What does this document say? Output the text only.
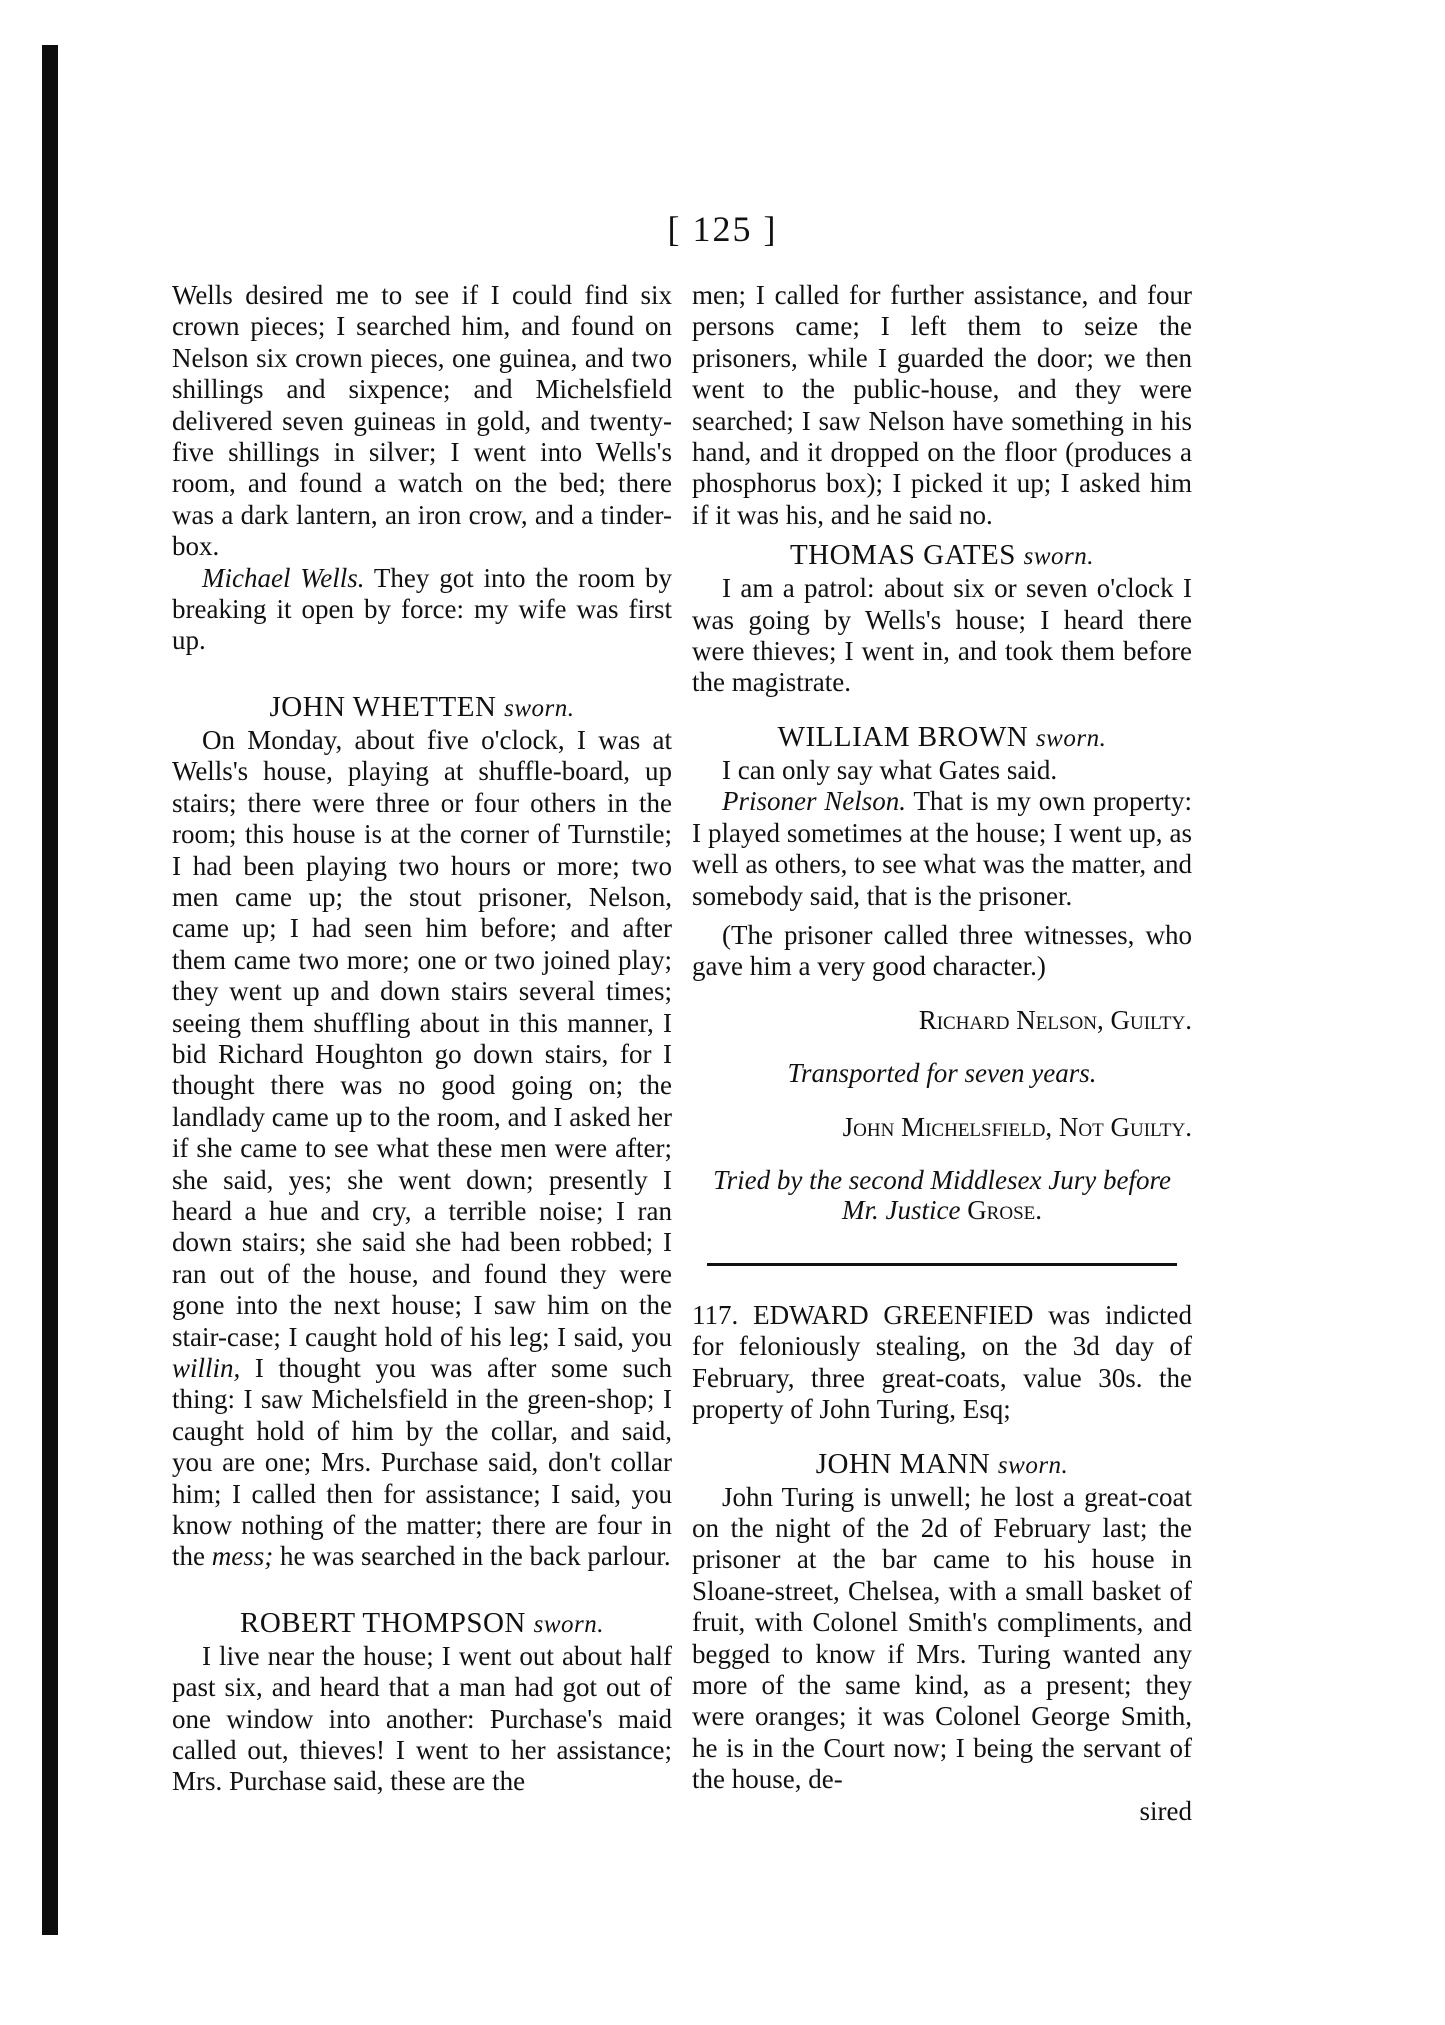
[ 125 ]

Wells desired me to see if I could find six crown pieces; I searched him, and found on Nelson six crown pieces, one guinea, and two shillings and sixpence; and Michelsfield delivered seven guineas in gold, and twenty-five shillings in silver; I went into Wells's room, and found a watch on the bed; there was a dark lantern, an iron crow, and a tinder-box.

Michael Wells. They got into the room by breaking it open by force: my wife was first up.

JOHN WHETTEN sworn.

On Monday, about five o'clock, I was at Wells's house, playing at shuffle-board, up stairs; there were three or four others in the room; this house is at the corner of Turnstile; I had been playing two hours or more; two men came up; the stout prisoner, Nelson, came up; I had seen him before; and after them came two more; one or two joined play; they went up and down stairs several times; seeing them shuffling about in this manner, I bid Richard Houghton go down stairs, for I thought there was no good going on; the landlady came up to the room, and I asked her if she came to see what these men were after; she said, yes; she went down; presently I heard a hue and cry, a terrible noise; I ran down stairs; she said she had been robbed; I ran out of the house, and found they were gone into the next house; I saw him on the stair-case; I caught hold of his leg; I said, you willin, I thought you was after some such thing: I saw Michelsfield in the green-shop; I caught hold of him by the collar, and said, you are one; Mrs. Purchase said, don't collar him; I called then for assistance; I said, you know nothing of the matter; there are four in the mess; he was searched in the back parlour.

ROBERT THOMPSON sworn.

I live near the house; I went out about half past six, and heard that a man had got out of one window into another: Purchase's maid called out, thieves! I went to her assistance; Mrs. Purchase said, these are the

men; I called for further assistance, and four persons came; I left them to seize the prisoners, while I guarded the door; we then went to the public-house, and they were searched; I saw Nelson have something in his hand, and it dropped on the floor (produces a phosphorus box); I picked it up; I asked him if it was his, and he said no.

THOMAS GATES sworn.

I am a patrol: about six or seven o'clock I was going by Wells's house; I heard there were thieves; I went in, and took them before the magistrate.

WILLIAM BROWN sworn.

I can only say what Gates said.

Prisoner Nelson. That is my own property: I played sometimes at the house; I went up, as well as others, to see what was the matter, and somebody said, that is the prisoner.

(The prisoner called three witnesses, who gave him a very good character.)

Richard Nelson, Guilty.

Transported for seven years.

John Michelsfield, Not Guilty.

Tried by the second Middlesex Jury before

Mr. Justice Grose.

117. EDWARD GREENFIED was indicted for feloniously stealing, on the 3d day of February, three great-coats, value 30s. the property of John Turing, Esq;

JOHN MANN sworn.

John Turing is unwell; he lost a great-coat on the night of the 2d of February last; the prisoner at the bar came to his house in Sloane-street, Chelsea, with a small basket of fruit, with Colonel Smith's compliments, and begged to know if Mrs. Turing wanted any more of the same kind, as a present; they were oranges; it was Colonel George Smith, he is in the Court now; I being the servant of the house, de-

sired
